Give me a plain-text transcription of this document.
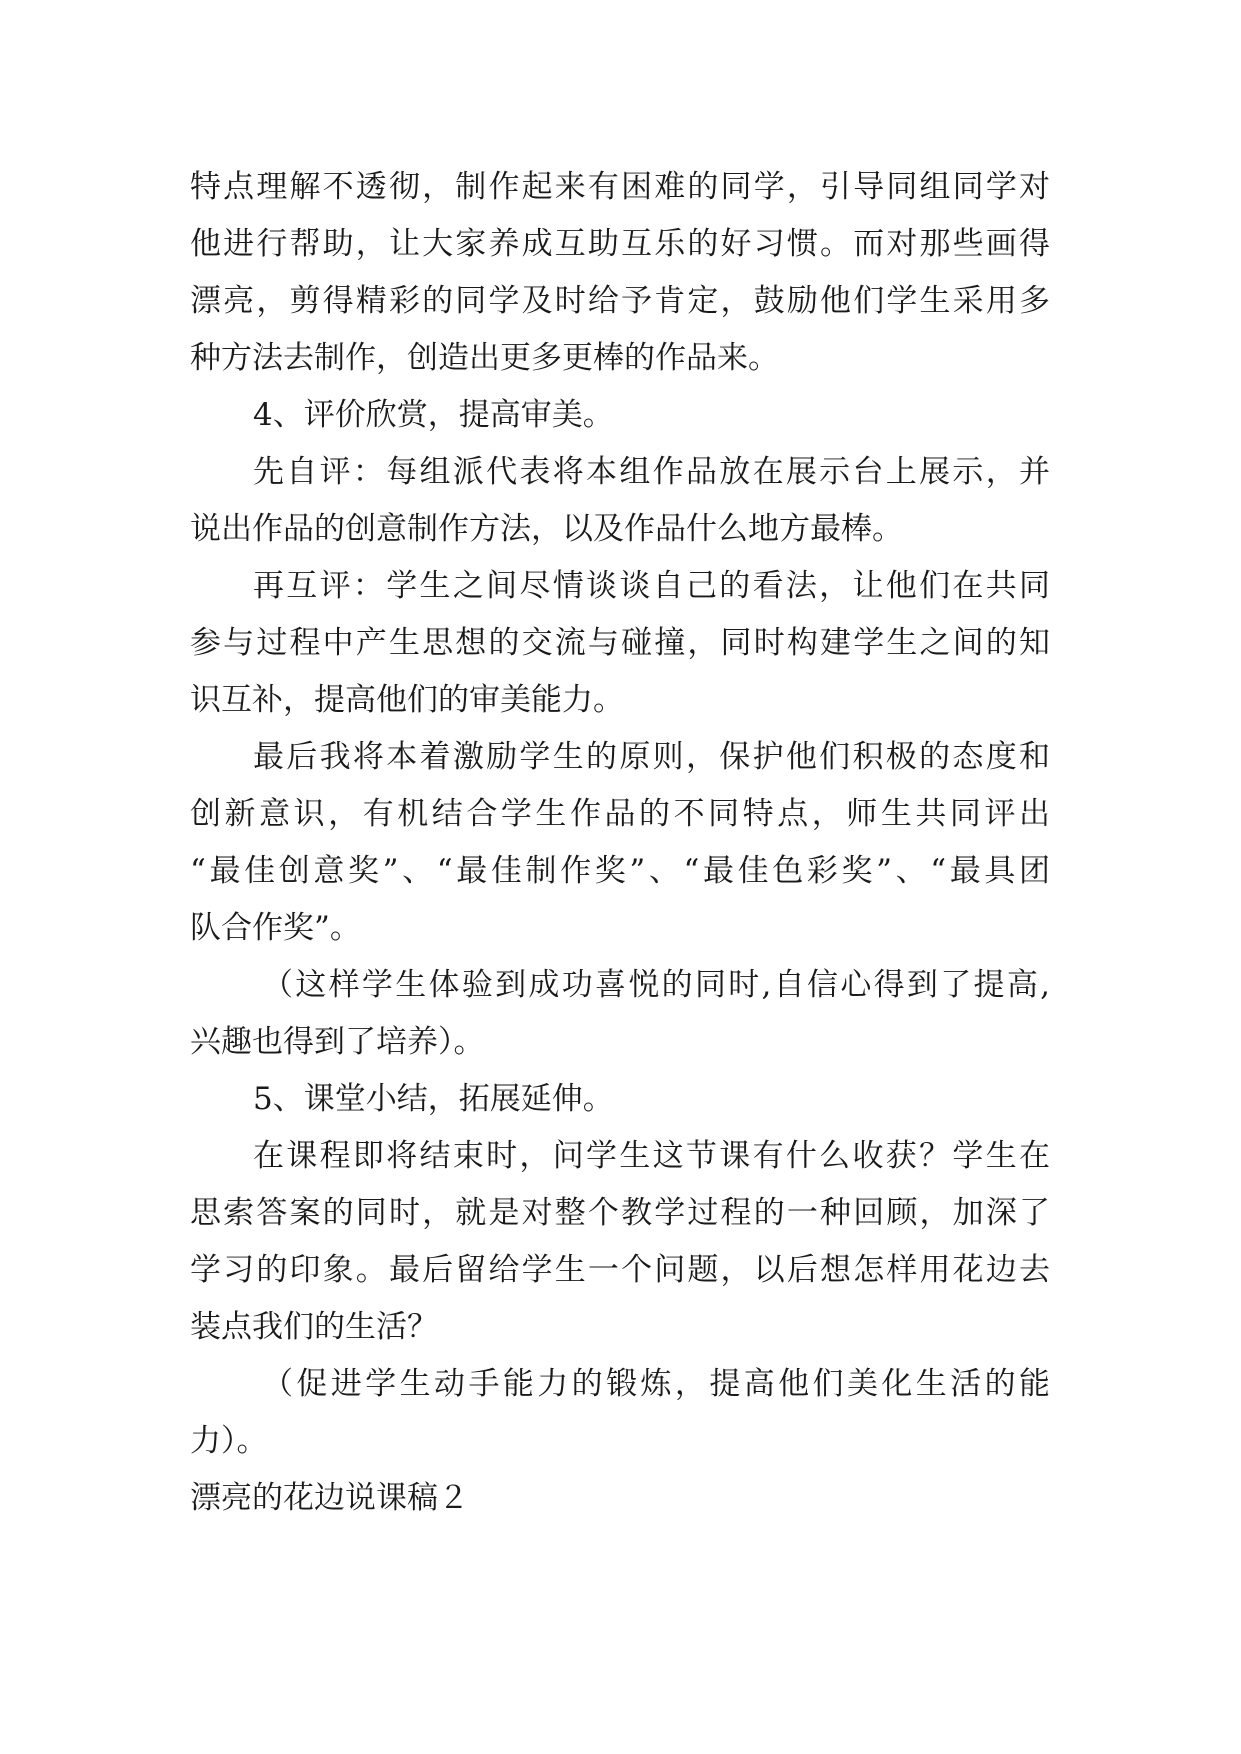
特点理解不透彻，制作起来有困难的同学，引导同组同学对
他进行帮助，让大家养成互助互乐的好习惯。而对那些画得
漂亮，剪得精彩的同学及时给予肯定，鼓励他们学生采用多
种方法去制作，创造出更多更棒的作品来。
4、评价欣赏，提高审美。
先自评：每组派代表将本组作品放在展示台上展示，并
说出作品的创意制作方法，以及作品什么地方最棒。
再互评：学生之间尽情谈谈自己的看法，让他们在共同
参与过程中产生思想的交流与碰撞，同时构建学生之间的知
识互补，提高他们的审美能力。
最后我将本着激励学生的原则，保护他们积极的态度和
创新意识，有机结合学生作品的不同特点，师生共同评出
“最佳创意奖”、“最佳制作奖”、“最佳色彩奖”、“最具团
队合作奖”。
（这样学生体验到成功喜悦的同时,自信心得到了提高,
兴趣也得到了培养）。
5、课堂小结，拓展延伸。
在课程即将结束时，问学生这节课有什么收获？学生在
思索答案的同时，就是对整个教学过程的一种回顾，加深了
学习的印象。最后留给学生一个问题，以后想怎样用花边去
装点我们的生活？
（促进学生动手能力的锻炼，提高他们美化生活的能
力）。
漂亮的花边说课稿２
